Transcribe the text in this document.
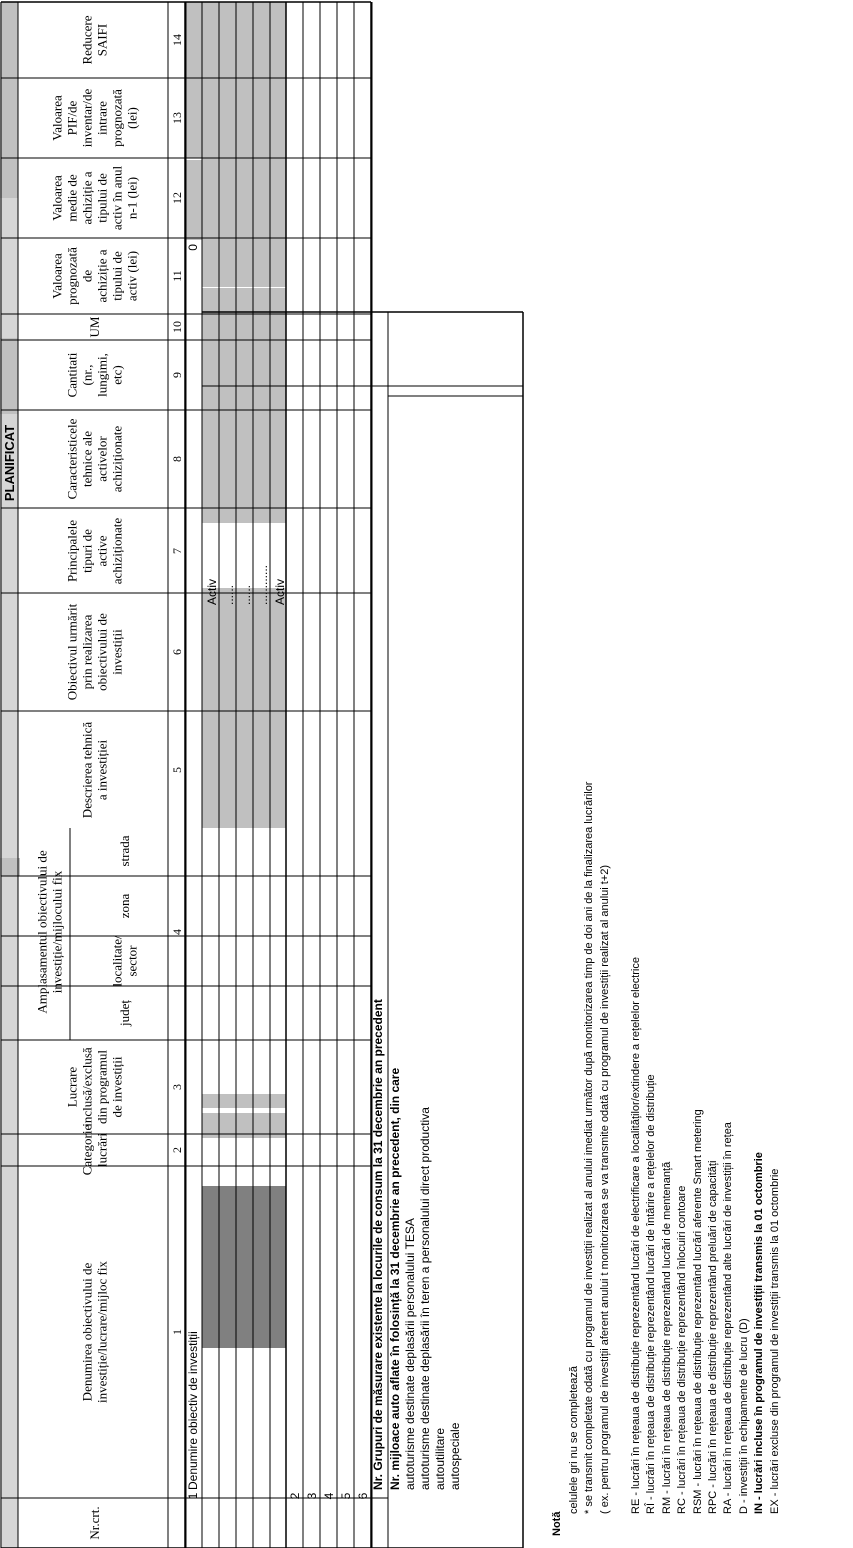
Nr.crt.
Denumirea obiectivului deinvestiție/lucrare/mijloc fix
Categorielucrări
Lucrareinclusă/exclusădin programulde investiții
Amplasamentul obiectivului deinvestiție/mijlocului fix
județ
localitate/sector
zona
strada
Descrierea tehnicăa investiției
Obiectivul urmăritprin realizareaobiectivului deinvestiții
Principaleletipuri deactiveachiziționate
Caracteristiceletehnice aleactivelorachiziționate
Cantitati(nr.,lungimi,etc)
UM
Valoareaprognozatădeachiziție atipului deactiv (lei)
Valoareamedie deachiziție atipului deactiv în anuln-1 (lei)
ValoareaPIF/deinventar/deintrareprognozată(lei)
ReducereSAIFI
PLANIFICAT
1
2
3
4
5
6
7
8
9
10
11
12
13
14
1
Denumire obiectiv de investiții
0
Activ ...... ...... ............ Activ
2 3 4 5 6
Nr. Grupuri de măsurare existente la locurile de consum la 31 decembrie an precedent Nr. mijloace auto aflate în folosință la 31 decembrie an precedent, din care autoturisme destinate deplasării personalului TESA autoturisme destinate deplasării în teren a personalului direct productiva autoutilitare autospeciale
Notă
celulele gri nu se completează * se transmit completate odată cu programul de investiții realizat al anului imediat următor după monitorizarea timp de doi ani de la finalizarea lucrărilor ( ex. pentru programul de investiții aferent anului t monitorizarea se va transmite odată cu programul de investiții realizat al anului t+2) RE - lucrări în rețeaua de distribuție reprezentând lucrări de electrificare a localităților/extindere a rețelelor electrice RÎ - lucrări în rețeaua de distribuție reprezentând lucrări de întărire a rețelelor de distribuție RM - lucrări în rețeaua de distribuție reprezentând lucrări de mentenanță RC - lucrări în rețeaua de distribuție reprezentând înlocuiri contoare RSM - lucrări în rețeaua de distribuție reprezentând lucrări aferente Smart metering RPC - lucrări în rețeaua de distribuție reprezentând preluări de capacități RA - lucrări în rețeaua de distribuție reprezentând alte lucrări de investiții în rețea D - investiții în echipamente de lucru (D) IN - lucrări incluse în programul de investiții transmis la 01 octombrie EX - lucrări excluse din programul de investiții transmis la 01 octombrie
